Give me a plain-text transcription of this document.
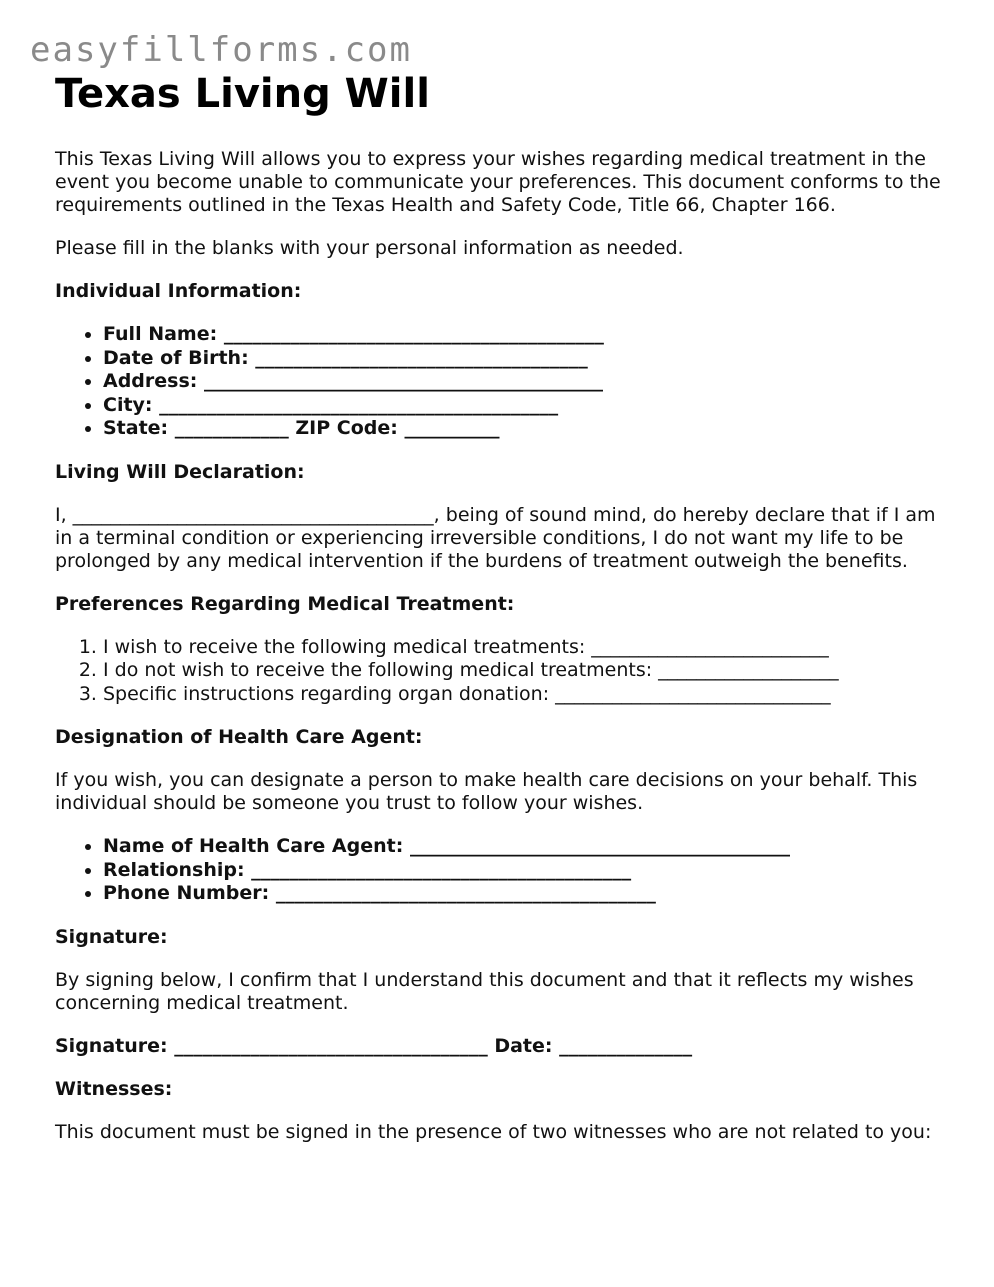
easyfillforms.com
Texas Living Will

This Texas Living Will allows you to express your wishes regarding medical treatment in the event you become unable to communicate your preferences. This document conforms to the requirements outlined in the Texas Health and Safety Code, Title 66, Chapter 166.

Please fill in the blanks with your personal information as needed.

Individual Information:
• Full Name: ________________________________________
• Date of Birth: ___________________________________
• Address: __________________________________________
• City: __________________________________________
• State: ____________ ZIP Code: __________
Living Will Declaration:

I, ______________________________________, being of sound mind, do hereby declare that if I am in a terminal condition or experiencing irreversible conditions, I do not want my life to be prolonged by any medical intervention if the burdens of treatment outweigh the benefits.

Preferences Regarding Medical Treatment:
1. I wish to receive the following medical treatments: _________________________
2. I do not wish to receive the following medical treatments: ___________________
3. Specific instructions regarding organ donation: _____________________________
Designation of Health Care Agent:

If you wish, you can designate a person to make health care decisions on your behalf. This individual should be someone you trust to follow your wishes.

• Name of Health Care Agent: ________________________________________
• Relationship: ________________________________________
• Phone Number: ________________________________________
Signature:

By signing below, I confirm that I understand this document and that it reflects my wishes concerning medical treatment.

Signature: _________________________________ Date: ______________
Witnesses:

This document must be signed in the presence of two witnesses who are not related to you:
